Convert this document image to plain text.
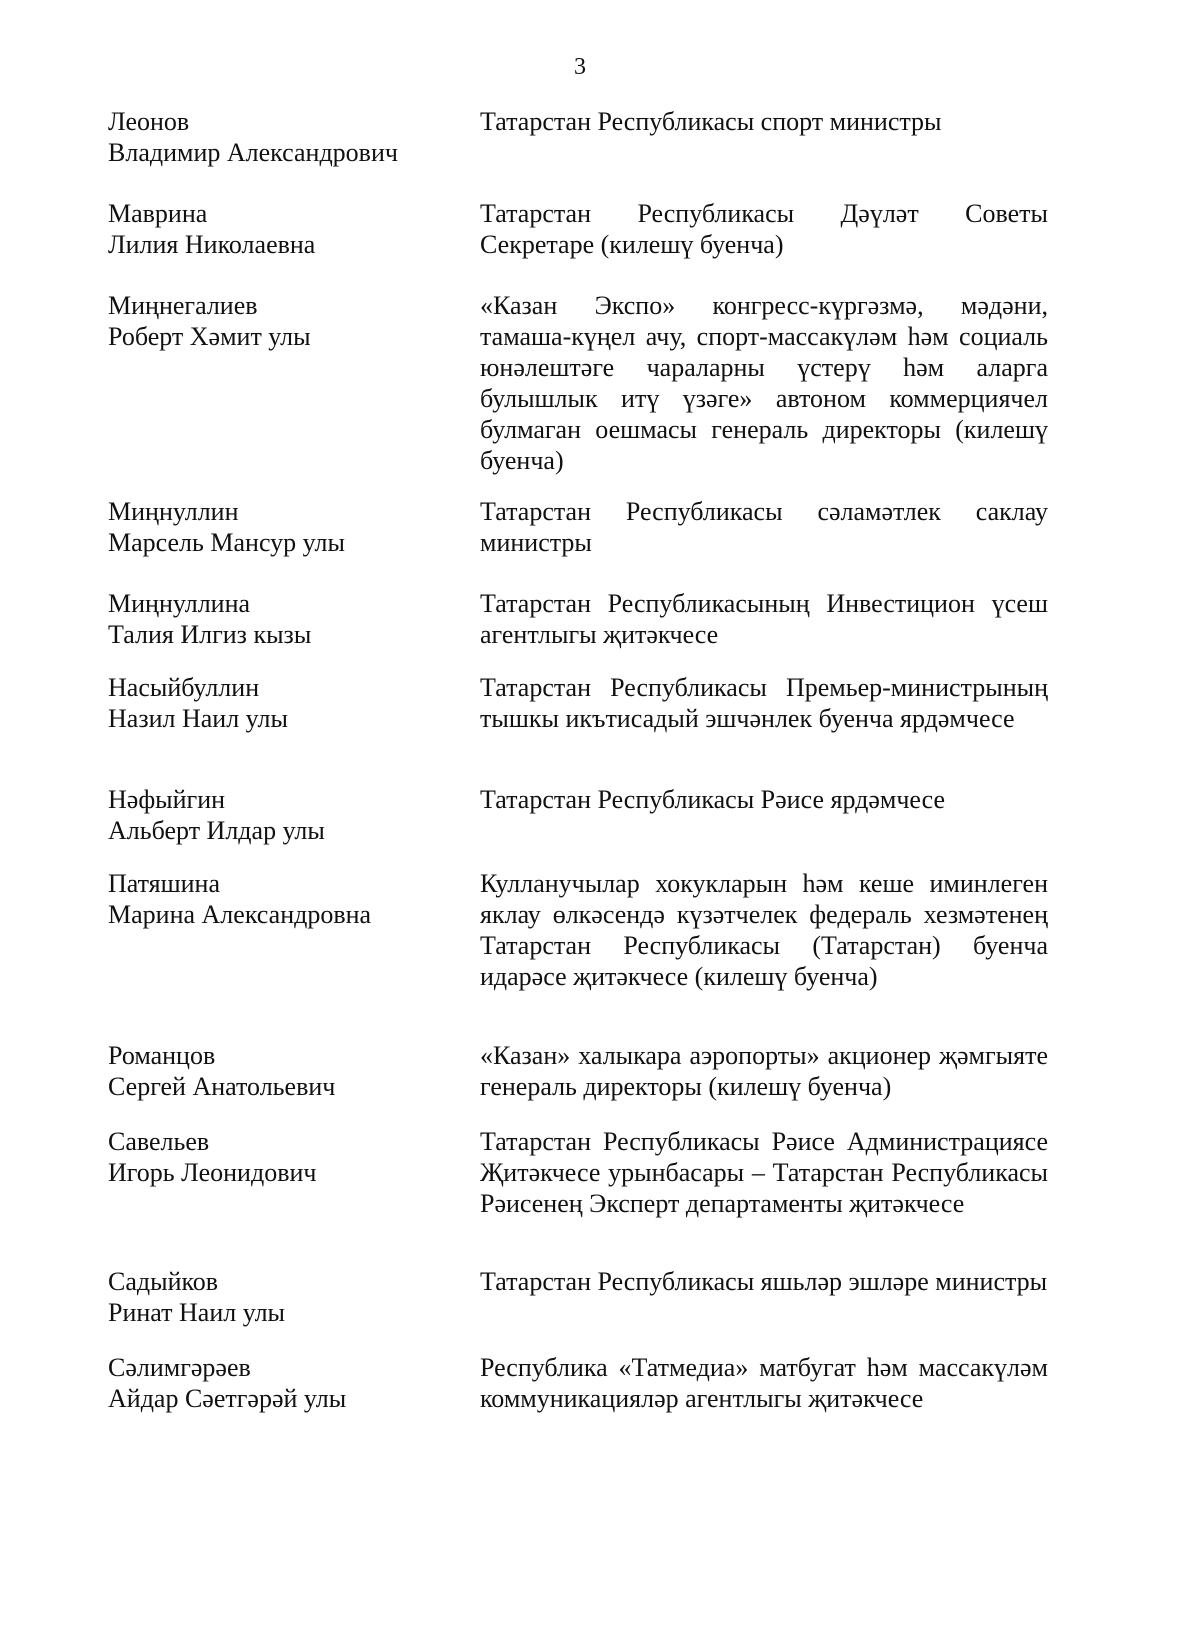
3
Леонов
Владимир Александрович
Татарстан Республикасы спорт министры
Маврина
Лилия Николаевна
Татарстан Республикасы Дәүләт Советы Секретаре (килешү буенча)
Миңнегалиев
Роберт Хәмит улы
«Казан Экспо» конгресс-күргәзмә, мәдәни, тамаша-күңел ачу, спорт-массакүләм һәм социаль юнәлештәге чараларны үстерү һәм аларга булышлык итү үзәге» автоном коммерциячел булмаган оешмасы генераль директоры (килешү буенча)
Миңнуллин
Марсель Мансур улы
Татарстан Республикасы сәламәтлек саклау министры
Миңнуллина
Талия Илгиз кызы
Татарстан Республикасының Инвестицион үсеш агентлыгы җитәкчесе
Насыйбуллин
Назил Наил улы
Татарстан Республикасы Премьер-министрының тышкы икътисадый эшчәнлек буенча ярдәмчесе
Нәфыйгин
Альберт Илдар улы
Татарстан Республикасы Рәисе ярдәмчесе
Патяшина
Марина Александровна
Кулланучылар хокукларын һәм кеше иминлеген яклау өлкәсендә күзәтчелек федераль хезмәтенең Татарстан Республикасы (Татарстан) буенча идарәсе җитәкчесе (килешү буенча)
Романцов
Сергей Анатольевич
«Казан» халыкара аэропорты» акционер җәмгыяте генераль директоры (килешү буенча)
Савельев
Игорь Леонидович
Татарстан Республикасы Рәисе Администрациясе Җитәкчесе урынбасары – Татарстан Республикасы Рәисенең Эксперт департаменты җитәкчесе
Садыйков
Ринат Наил улы
Татарстан Республикасы яшьләр эшләре министры
Сәлимгәрәев
Айдар Сәетгәрәй улы
Республика «Татмедиа» матбугат һәм массакүләм коммуникацияләр агентлыгы җитәкчесе
